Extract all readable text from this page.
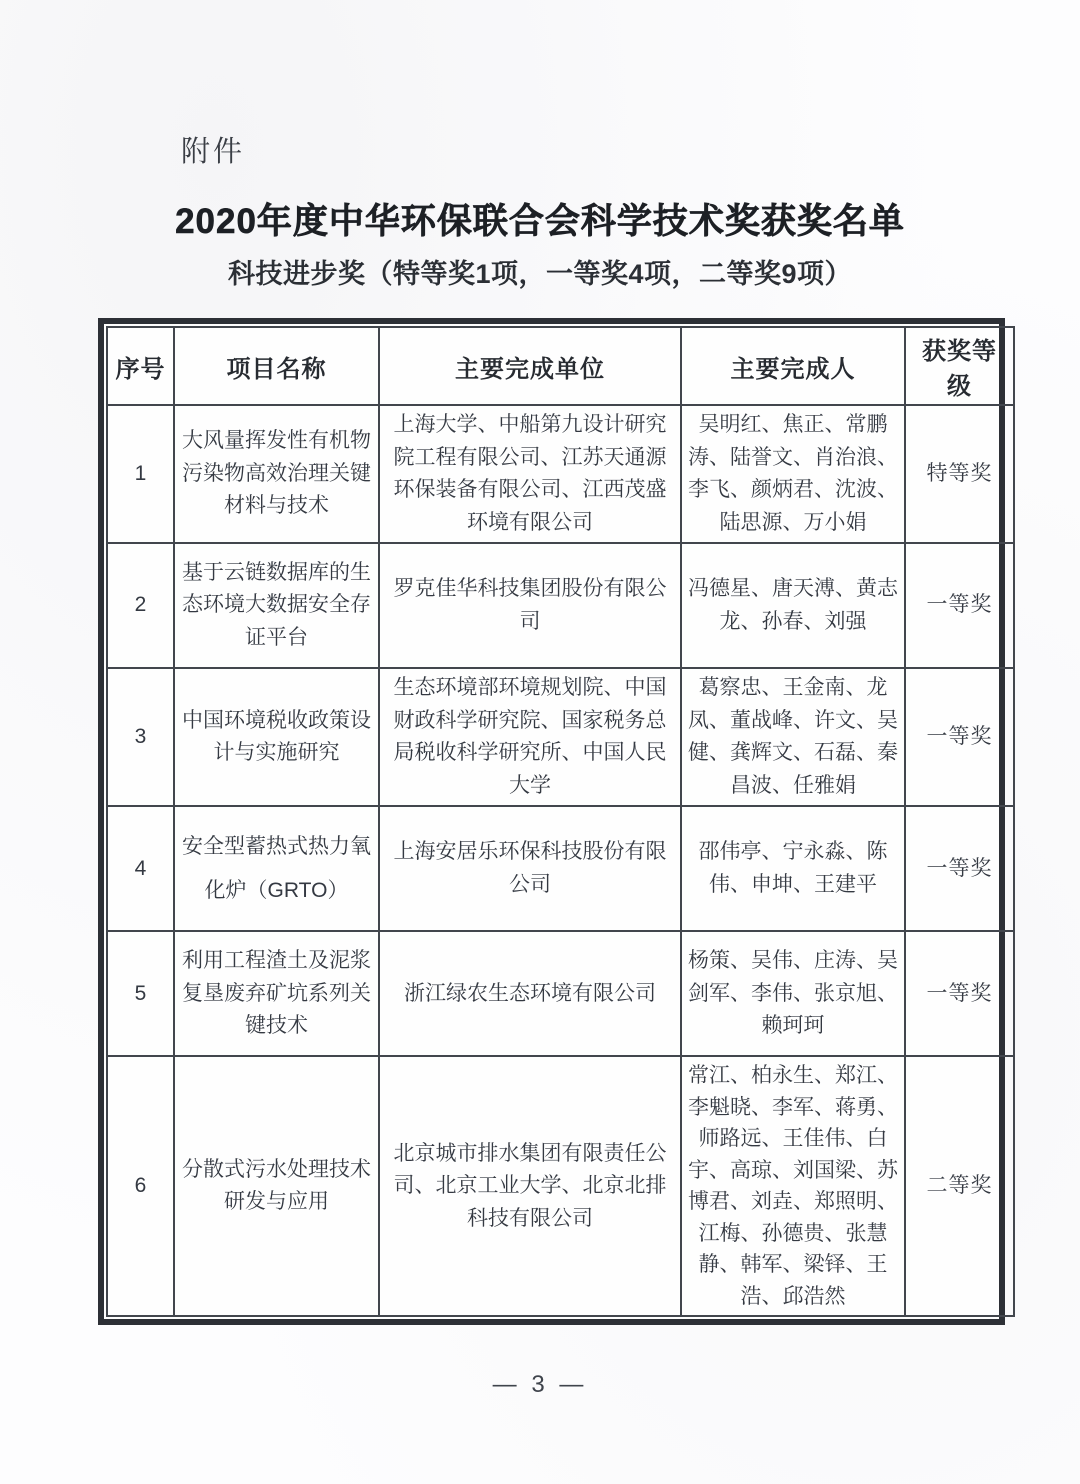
附件
2020年度中华环保联合会科学技术奖获奖名单
科技进步奖（特等奖1项，一等奖4项，二等奖9项）
序号	项目名称	主要完成单位	主要完成人	获奖等级
1	大风量挥发性有机物污染物高效治理关键材料与技术	上海大学、中船第九设计研究院工程有限公司、江苏天通源环保装备有限公司、江西茂盛环境有限公司	吴明红、焦正、常鹏涛、陆誉文、肖治浪、李飞、颜炳君、沈波、陆思源、万小娟	特等奖
2	基于云链数据库的生态环境大数据安全存证平台	罗克佳华科技集团股份有限公司	冯德星、唐天溥、黄志龙、孙春、刘强	一等奖
3	中国环境税收政策设计与实施研究	生态环境部环境规划院、中国财政科学研究院、国家税务总局税收科学研究所、中国人民大学	葛察忠、王金南、龙凤、董战峰、许文、吴健、龚辉文、石磊、秦昌波、任雅娟	一等奖
4	安全型蓄热式热力氧化炉（GRTO）	上海安居乐环保科技股份有限公司	邵伟亭、宁永淼、陈伟、申坤、王建平	一等奖
5	利用工程渣土及泥浆复垦废弃矿坑系列关键技术	浙江绿农生态环境有限公司	杨策、吴伟、庄涛、吴剑军、李伟、张京旭、赖珂珂	一等奖
6	分散式污水处理技术研发与应用	北京城市排水集团有限责任公司、北京工业大学、北京北排科技有限公司	常江、柏永生、郑江、李魁晓、李军、蒋勇、师路远、王佳伟、白宇、高琼、刘国梁、苏博君、刘垚、郑照明、江梅、孙德贵、张慧静、韩军、梁铎、王浩、邱浩然	二等奖
— 3 —
